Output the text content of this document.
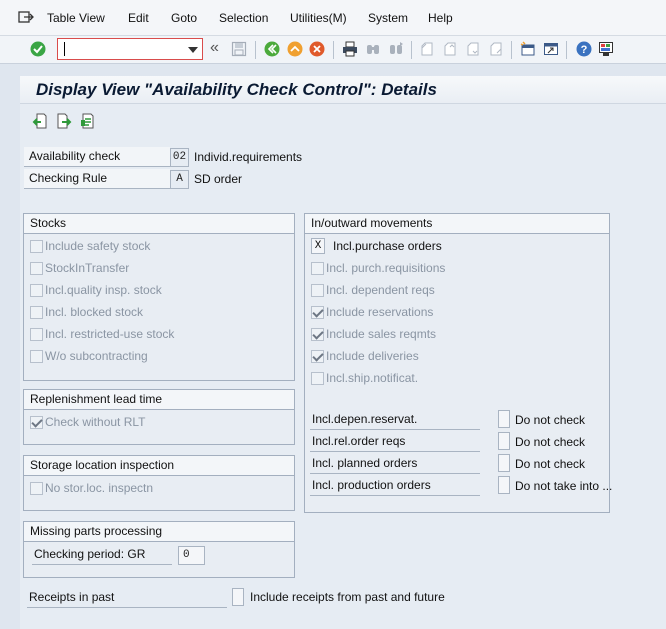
Table View Edit Goto Selection Utilities(M) System Help
«	?
Display View "Availability Check Control": Details
Availability check	02 Individ.requirements
Checking Rule	A SD order
Stocks
Include safety stock
StockInTransfer
Incl.quality insp. stock
Incl. blocked stock
Incl. restricted-use stock
W/o subcontracting
Replenishment lead time
Check without RLT
Storage location inspection
No stor.loc. inspectn
Missing parts processing
Checking period: GR	0
Receipts in past	Include receipts from past and future
In/outward movements
X Incl.purchase orders
Incl. purch.requisitions
Incl. dependent reqs
Include reservations
Include sales reqmts
Include deliveries
Incl.ship.notificat.
Incl.depen.reservat.	Do not check
Incl.rel.order reqs	Do not check
Incl. planned orders	Do not check
Incl. production orders	Do not take into ...
